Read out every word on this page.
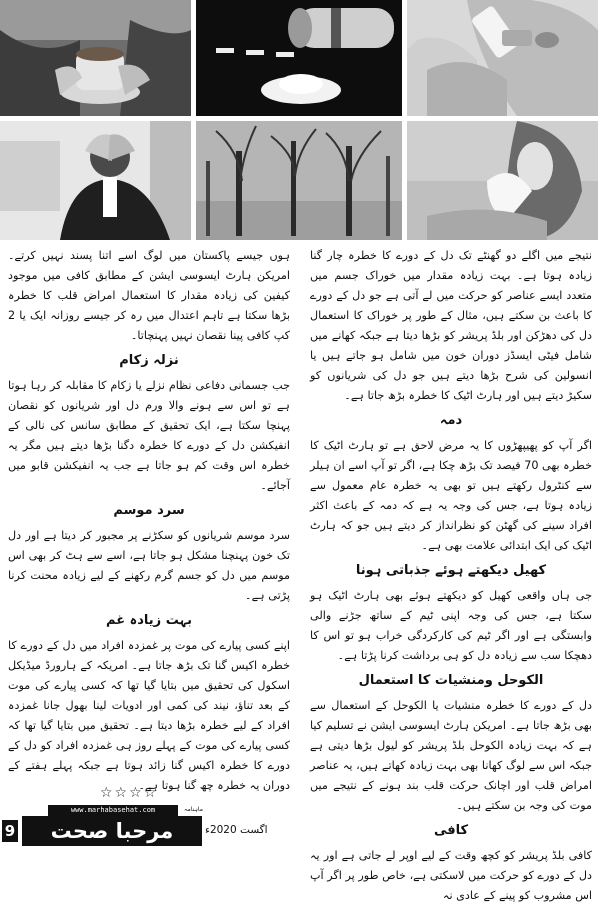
نتیجے میں اگلے دو گھنٹے تک دل کے دورے کا خطرہ چار گنا زیادہ ہوتا ہے۔ بہت زیادہ مقدار میں خوراک جسم میں متعدد ایسے عناصر کو حرکت میں لے آتی ہے جو دل کے دورے کا باعث بن سکتے ہیں، مثال کے طور پر خوراک کا استعمال دل کی دھڑکن اور بلڈ پریشر کو بڑھا دیتا ہے جبکہ کھانے میں شامل فیٹی ایسڈز دوران خون میں شامل ہو جاتے ہیں یا انسولین کی شرح بڑھا دیتے ہیں جو دل کی شریانوں کو سکیڑ دیتے ہیں اور ہارٹ اٹیک کا خطرہ بڑھ جاتا ہے۔

دمہ

اگر آپ کو پھیپھڑوں کا یہ مرض لاحق ہے تو ہارٹ اٹیک کا خطرہ بھی 70 فیصد تک بڑھ چکا ہے، اگر تو آپ اسے ان ہیلر سے کنٹرول رکھتے ہیں تو بھی یہ خطرہ عام معمول سے زیادہ ہوتا ہے، جس کی وجہ یہ ہے کہ دمہ کے باعث اکثر افراد سینے کی گھٹن کو نظرانداز کر دیتے ہیں جو کہ ہارٹ اٹیک کی ایک ابتدائی علامت بھی ہے۔

کھیل دیکھتے ہوئے جذباتی ہونا

جی ہاں واقعی کھیل کو دیکھتے ہوئے بھی ہارٹ اٹیک ہو سکتا ہے، جس کی وجہ اپنی ٹیم کے ساتھ جڑنے والی وابستگی ہے اور اگر ٹیم کی کارکردگی خراب ہو تو اس کا دھچکا سب سے زیادہ دل کو ہی برداشت کرنا پڑتا ہے۔

الکوحل ومنشیات کا استعمال

دل کے دورے کا خطرہ منشیات یا الکوحل کے استعمال سے بھی بڑھ جاتا ہے۔ امریکن ہارٹ ایسوسی ایشن نے تسلیم کیا ہے کہ بہت زیادہ الکوحل بلڈ پریشر کو لیول بڑھا دیتی ہے جبکہ اس سے لوگ کھانا بھی بہت زیادہ کھاتے ہیں، یہ عناصر امراض قلب اور اچانک حرکت قلب بند ہونے کے نتیجے میں موت کی وجہ بن سکتے ہیں۔

کافی

کافی بلڈ پریشر کو کچھ وقت کے لیے اوپر لے جاتی ہے اور یہ دل کے دورے کو حرکت میں لاسکتی ہے، خاص طور پر اگر آپ اس مشروب کو پینے کے عادی نہ

ہوں جیسے پاکستان میں لوگ اسے اتنا پسند نہیں کرتے۔ امریکن ہارٹ ایسوسی ایشن کے مطابق کافی میں موجود کیفین کی زیادہ مقدار کا استعمال امراض قلب کا خطرہ بڑھا سکتا ہے تاہم اعتدال میں رہ کر جیسے روزانہ ایک یا 2 کپ کافی پینا نقصان نہیں پہنچاتا۔

نزلہ زکام

جب جسمانی دفاعی نظام نزلے یا زکام کا مقابلہ کر رہا ہوتا ہے تو اس سے ہونے والا ورم دل اور شریانوں کو نقصان پہنچا سکتا ہے، ایک تحقیق کے مطابق سانس کی نالی کے انفیکشن دل کے دورے کا خطرہ دگنا بڑھا دیتے ہیں مگر یہ خطرہ اس وقت کم ہو جاتا ہے جب یہ انفیکشن قابو میں آجائے۔

سرد موسم

سرد موسم شریانوں کو سکڑنے پر مجبور کر دیتا ہے اور دل تک خون پہنچنا مشکل ہو جاتا ہے، اسے سے ہٹ کر بھی اس موسم میں دل کو جسم گرم رکھنے کے لیے زیادہ محنت کرنا پڑتی ہے۔

بہت زیادہ غم

اپنے کسی پیارے کی موت پر غمزدہ افراد میں دل کے دورے کا خطرہ اکیس گنا تک بڑھ جاتا ہے۔ امریکہ کے ہارورڈ میڈیکل اسکول کی تحقیق میں بتایا گیا تھا کہ کسی پیارے کی موت کے بعد تناؤ، نیند کی کمی اور ادویات لینا بھول جانا غمزدہ افراد کے لیے خطرہ بڑھا دیتا ہے۔ تحقیق میں بتایا گیا تھا کہ کسی پیارے کی موت کے پہلے روز ہی غمزدہ افراد کو دل کے دورے کا خطرہ اکیس گنا زائد ہوتا ہے جبکہ پہلے ہفتے کے دوران یہ خطرہ چھ گنا ہوتا ہے۔

☆☆☆☆
www.marhabasehat.com	ماہنامہ
9	مرحبا صحت	اگست 2020ء
